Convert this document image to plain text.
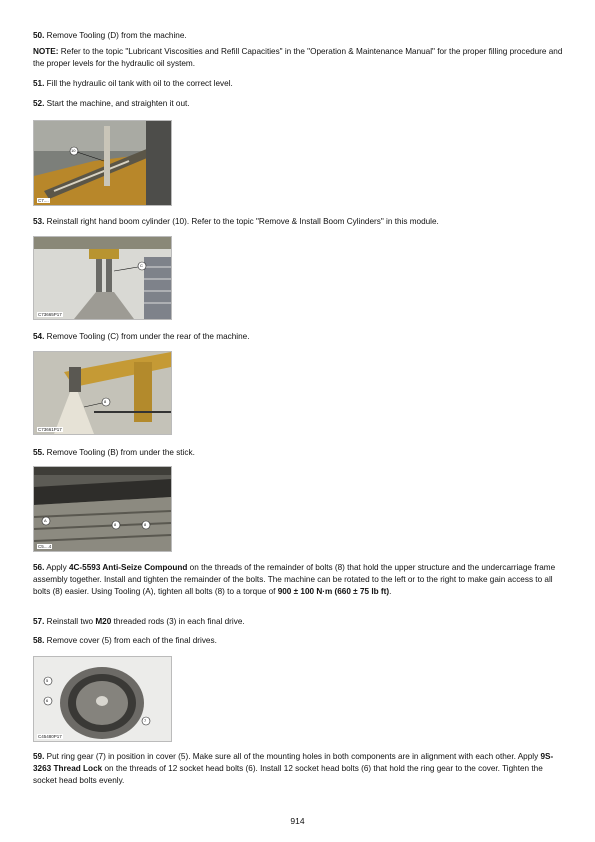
50. Remove Tooling (D) from the machine.

NOTE: Refer to the topic "Lubricant Viscosities and Refill Capacities" in the "Operation & Maintenance Manual" for the proper filling procedure and the proper levels for the hydraulic oil system.

51. Fill the hydraulic oil tank with oil to the correct level.

52. Start the machine, and straighten it out.

10
C7....

53. Reinstall right hand boom cylinder (10). Refer to the topic "Remove & Install Boom Cylinders" in this module.

C
C73665P17

54. Remove Tooling (C) from under the rear of the machine.

8
C73661P17

55. Remove Tooling (B) from under the stick.

A
8	8
C5....4

56. Apply 4C-5593 Anti-Seize Compound on the threads of the remainder of bolts (8) that hold the upper structure and the undercarriage frame assembly together. Install and tighten the remainder of the bolts. The machine can be rotated to the left or to the right to make gain access to all bolts (8) easier. Using Tooling (A), tighten all bolts (8) to a torque of 900 ± 100 N·m (660 ± 75 lb ft).

57. Reinstall two M20 threaded rods (3) in each final drive.

58. Remove cover (5) from each of the final drives.

5
6
7
C45480P17

59. Put ring gear (7) in position in cover (5). Make sure all of the mounting holes in both components are in alignment with each other. Apply 9S-3263 Thread Lock on the threads of 12 socket head bolts (6). Install 12 socket head bolts (6) that hold the ring gear to the cover. Tighten the socket head bolts evenly.

914
